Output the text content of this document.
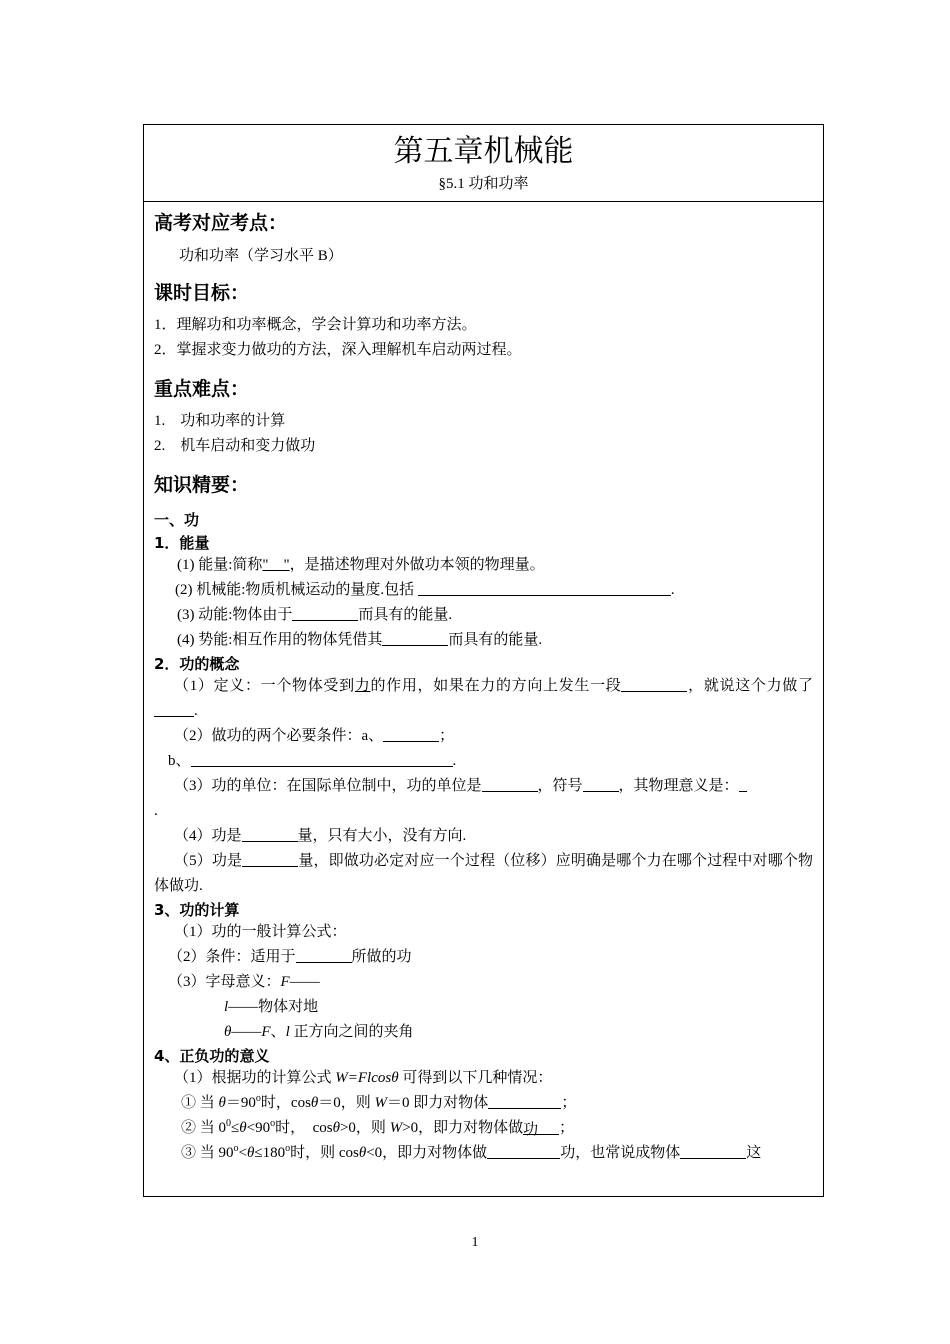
第五章机械能
§5.1 功和功率
高考对应考点：
功和功率（学习水平 B）
课时目标：
1．理解功和功率概念，学会计算功和功率方法。
2．掌握求变力做功的方法，深入理解机车启动两过程。
重点难点：
1.　功和功率的计算
2.　机车启动和变力做功
知识精要：
一、功
1．能量
(1) 能量:简称"　"，是描述物理对外做功本领的物理量。
(2) 机械能:物质机械运动的量度.包括	.
(3) 动能:物体由于	而具有的能量.
(4) 势能:相互作用的物体凭借其	而具有的能量.
2．功的概念
（1）定义：一个物体受到力的作用，如果在力的方向上发生一段	，就说这个力做了.
（2）做功的两个必要条件：a、	；
b、	.
（3）功的单位：在国际单位制中，功的单位是	，符号 ，其物理意义是：
.
（4）功是	量，只有大小，没有方向.
（5）功是	量，即做功必定对应一个过程（位移）应明确是哪个力在哪个过程中对哪个物体做功.
3、功的计算
（1）功的一般计算公式：
（2）条件：适用于	所做的功
（3）字母意义：F——
l——物体对地
θ——F、l 正方向之间的夹角
4、正负功的意义
（1）根据功的计算公式 W=Flcosθ 可得到以下几种情况：
① 当 $\theta=90^o$时，cosθ＝0，则 W＝0 即力对物体	；
② 当 $0^0\le\theta<90^o$时，　cosθ>0，则 W>0，即力对物体做功 ；
③ 当 $90^o<\theta\le 180^o$时，则 cosθ<0，即力对物体做	功，也常说成物体	这
1
